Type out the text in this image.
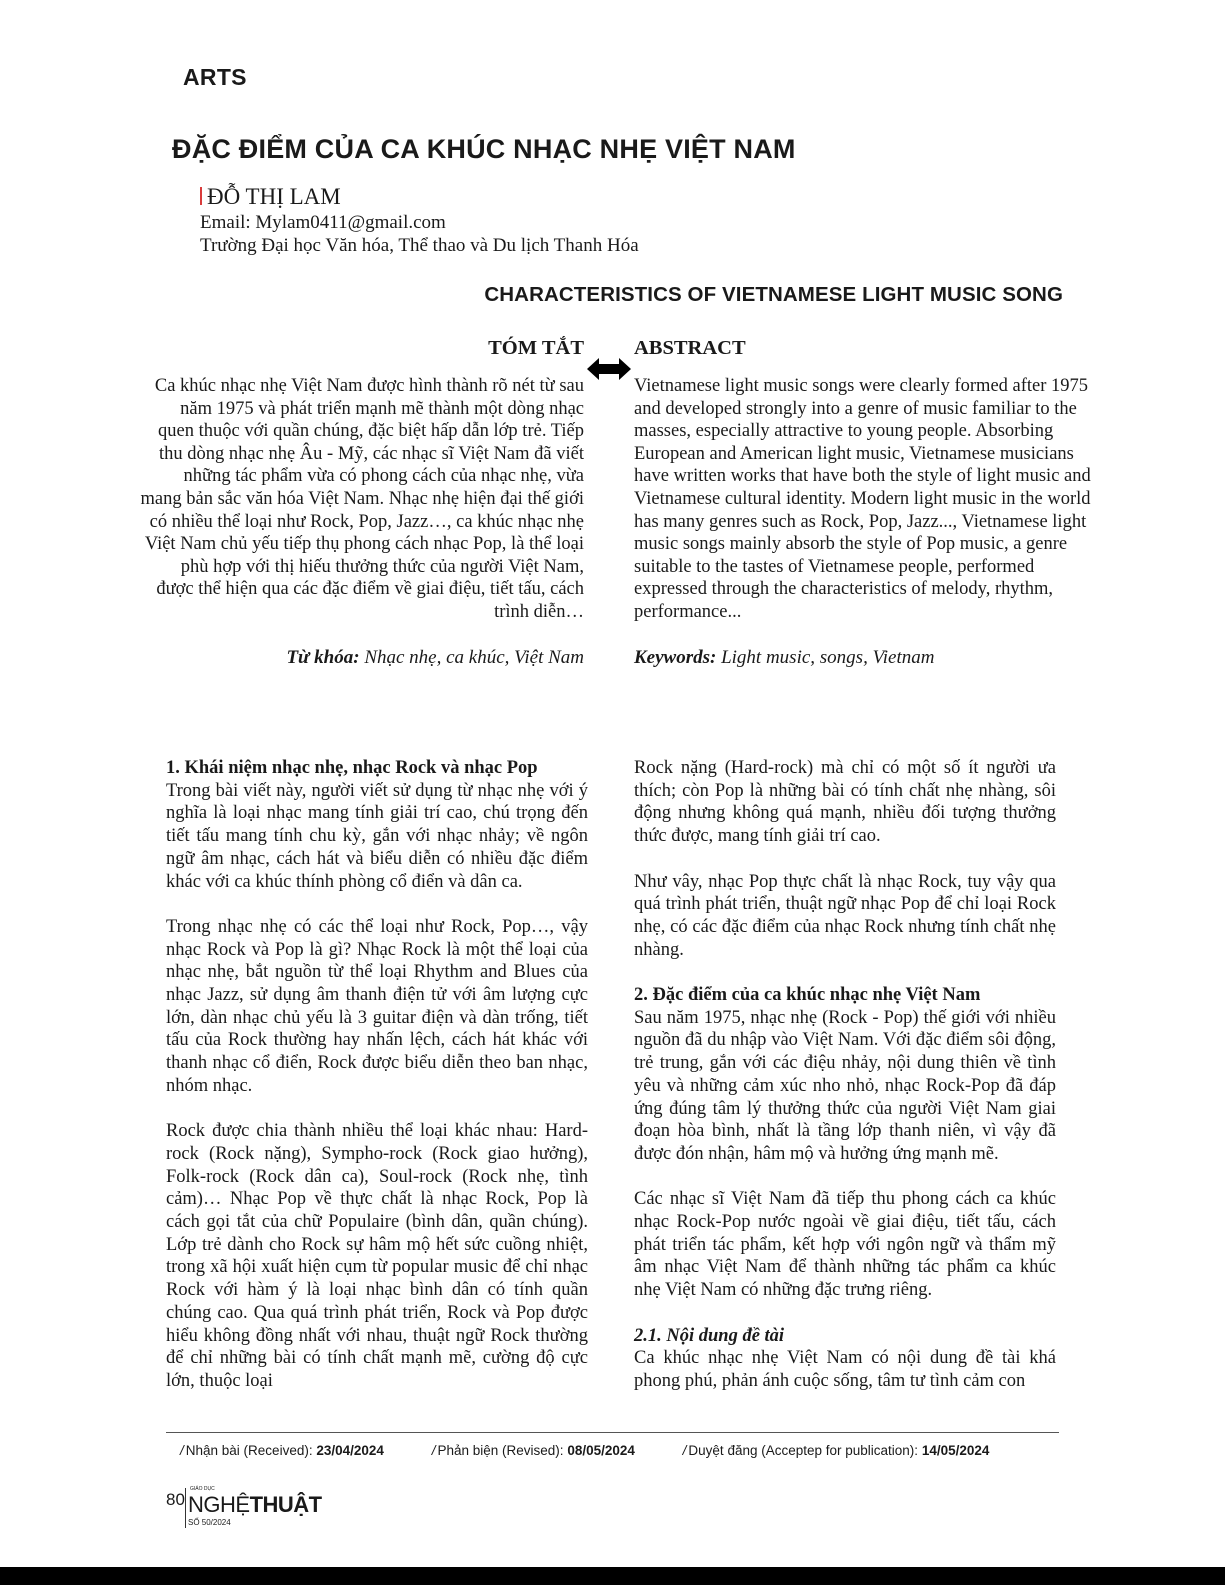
ARTS
ĐẶC ĐIỂM CỦA CA KHÚC NHẠC NHẸ VIỆT NAM
ĐỖ THỊ LAM
Email: Mylam0411@gmail.com
Trường Đại học Văn hóa, Thể thao và Du lịch Thanh Hóa
CHARACTERISTICS OF VIETNAMESE LIGHT MUSIC SONG
TÓM TẮT

Ca khúc nhạc nhẹ Việt Nam được hình thành rõ nét từ sau năm 1975 và phát triển mạnh mẽ thành một dòng nhạc quen thuộc với quần chúng, đặc biệt hấp dẫn lớp trẻ. Tiếp thu dòng nhạc nhẹ Âu - Mỹ, các nhạc sĩ Việt Nam đã viết những tác phẩm vừa có phong cách của nhạc nhẹ, vừa mang bản sắc văn hóa Việt Nam. Nhạc nhẹ hiện đại thế giới có nhiều thể loại như Rock, Pop, Jazz…, ca khúc nhạc nhẹ Việt Nam chủ yếu tiếp thụ phong cách nhạc Pop, là thể loại phù hợp với thị hiếu thưởng thức của người Việt Nam, được thể hiện qua các đặc điểm về giai điệu, tiết tấu, cách trình diễn…

Từ khóa: Nhạc nhẹ, ca khúc, Việt Nam
ABSTRACT

Vietnamese light music songs were clearly formed after 1975 and developed strongly into a genre of music familiar to the masses, especially attractive to young people. Absorbing European and American light music, Vietnamese musicians have written works that have both the style of light music and Vietnamese cultural identity. Modern light music in the world has many genres such as Rock, Pop, Jazz..., Vietnamese light music songs mainly absorb the style of Pop music, a genre suitable to the tastes of Vietnamese people, performed expressed through the characteristics of melody, rhythm, performance...

Keywords: Light music, songs, Vietnam
1. Khái niệm nhạc nhẹ, nhạc Rock và nhạc Pop

Trong bài viết này, người viết sử dụng từ nhạc nhẹ với ý nghĩa là loại nhạc mang tính giải trí cao, chú trọng đến tiết tấu mang tính chu kỳ, gắn với nhạc nhảy; về ngôn ngữ âm nhạc, cách hát và biểu diễn có nhiều đặc điểm khác với ca khúc thính phòng cổ điển và dân ca.

Trong nhạc nhẹ có các thể loại như Rock, Pop…, vậy nhạc Rock và Pop là gì? Nhạc Rock là một thể loại của nhạc nhẹ, bắt nguồn từ thể loại Rhythm and Blues của nhạc Jazz, sử dụng âm thanh điện tử với âm lượng cực lớn, dàn nhạc chủ yếu là 3 guitar điện và dàn trống, tiết tấu của Rock thường hay nhấn lệch, cách hát khác với thanh nhạc cổ điển, Rock được biểu diễn theo ban nhạc, nhóm nhạc.

Rock được chia thành nhiều thể loại khác nhau: Hard-rock (Rock nặng), Sympho-rock (Rock giao hưởng), Folk-rock (Rock dân ca), Soul-rock (Rock nhẹ, tình cảm)… Nhạc Pop về thực chất là nhạc Rock, Pop là cách gọi tắt của chữ Populaire (bình dân, quần chúng). Lớp trẻ dành cho Rock sự hâm mộ hết sức cuồng nhiệt, trong xã hội xuất hiện cụm từ popular music để chỉ nhạc Rock với hàm ý là loại nhạc bình dân có tính quần chúng cao. Qua quá trình phát triển, Rock và Pop được hiểu không đồng nhất với nhau, thuật ngữ Rock thường để chỉ những bài có tính chất mạnh mẽ, cường độ cực lớn, thuộc loại

Rock nặng (Hard-rock) mà chỉ có một số ít người ưa thích; còn Pop là những bài có tính chất nhẹ nhàng, sôi động nhưng không quá mạnh, nhiều đối tượng thưởng thức được, mang tính giải trí cao.

Như vây, nhạc Pop thực chất là nhạc Rock, tuy vậy qua quá trình phát triển, thuật ngữ nhạc Pop để chỉ loại Rock nhẹ, có các đặc điểm của nhạc Rock nhưng tính chất nhẹ nhàng.

2. Đặc điểm của ca khúc nhạc nhẹ Việt Nam

Sau năm 1975, nhạc nhẹ (Rock - Pop) thế giới với nhiều nguồn đã du nhập vào Việt Nam. Với đặc điểm sôi động, trẻ trung, gắn với các điệu nhảy, nội dung thiên về tình yêu và những cảm xúc nho nhỏ, nhạc Rock-Pop đã đáp ứng đúng tâm lý thưởng thức của người Việt Nam giai đoạn hòa bình, nhất là tầng lớp thanh niên, vì vậy đã được đón nhận, hâm mộ và hưởng ứng mạnh mẽ.

Các nhạc sĩ Việt Nam đã tiếp thu phong cách ca khúc nhạc Rock-Pop nước ngoài về giai điệu, tiết tấu, cách phát triển tác phẩm, kết hợp với ngôn ngữ và thẩm mỹ âm nhạc Việt Nam để thành những tác phẩm ca khúc nhẹ Việt Nam có những đặc trưng riêng.

2.1. Nội dung đề tài

Ca khúc nhạc nhẹ Việt Nam có nội dung đề tài khá phong phú, phản ánh cuộc sống, tâm tư tình cảm con

/ Nhận bài (Received): 23/04/2024	/ Phản biện (Revised): 08/05/2024	/ Duyệt đăng (Acceptep for publication): 14/05/2024
80
GIÁO DỤC
NGHỆTHUẬT
SỐ 50/2024
